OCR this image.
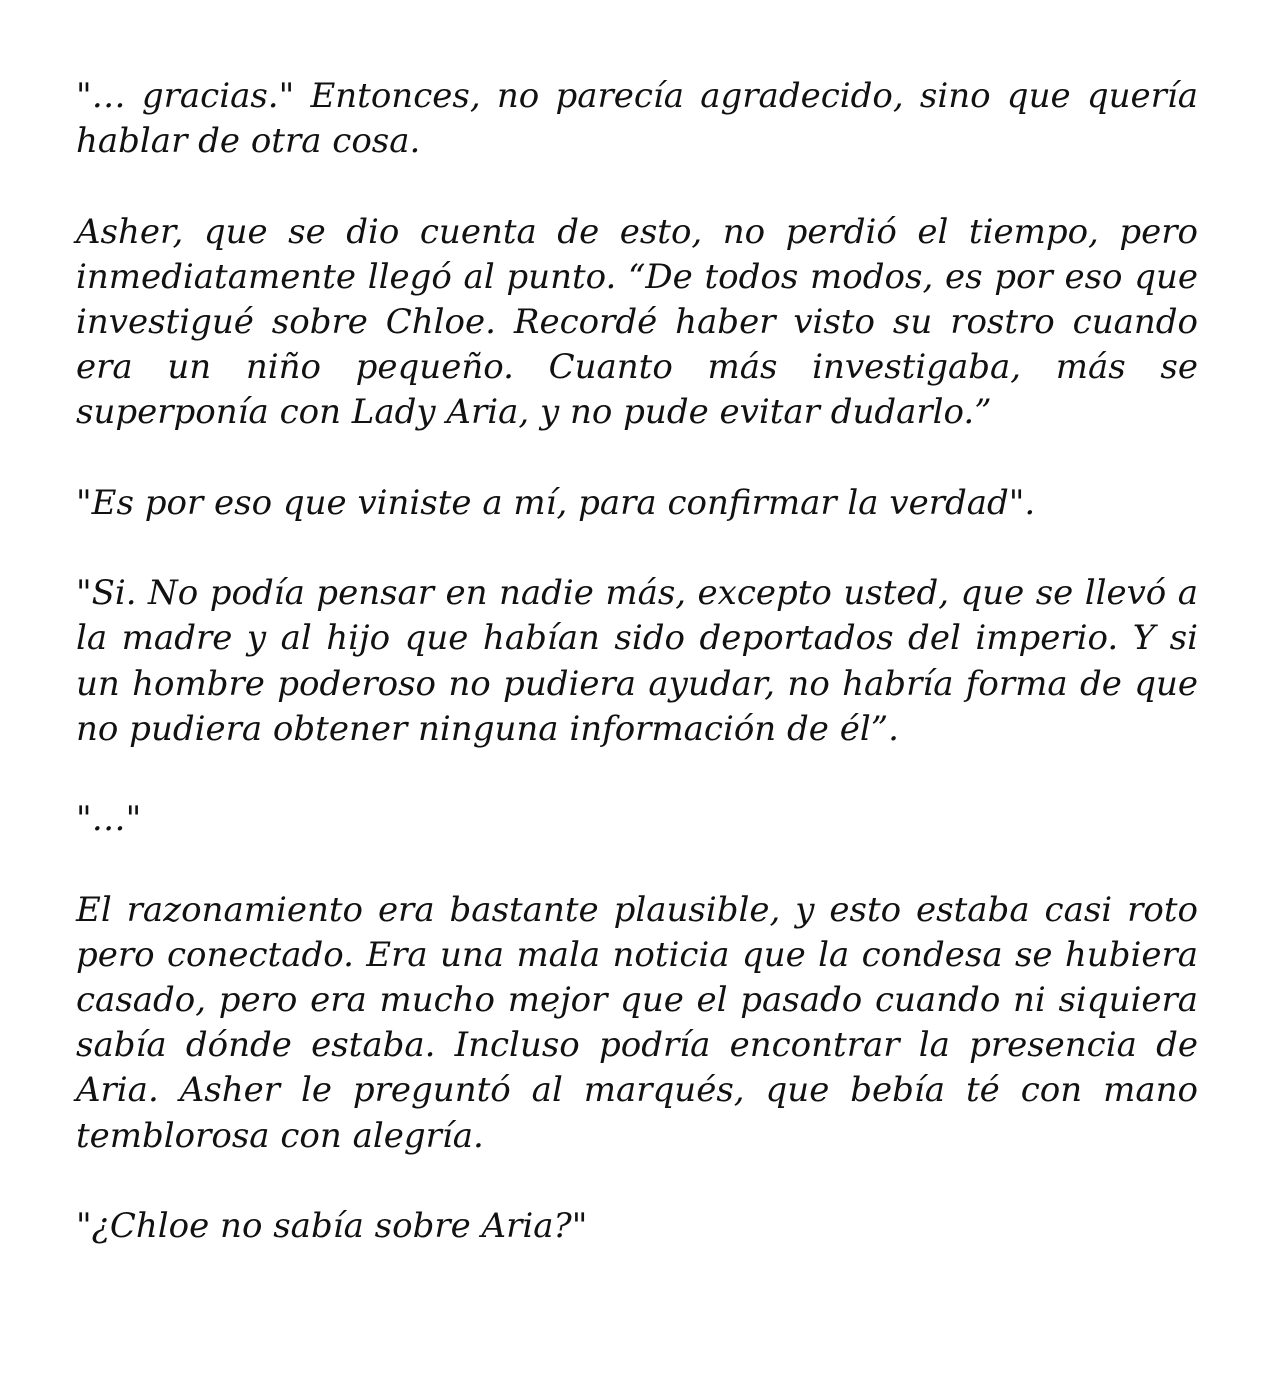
"… gracias." Entonces, no parecía agradecido, sino que quería hablar de otra cosa.

Asher, que se dio cuenta de esto, no perdió el tiempo, pero inmediatamente llegó al punto. “De todos modos, es por eso que investigué sobre Chloe. Recordé haber visto su rostro cuando era un niño pequeño. Cuanto más investigaba, más se superponía con Lady Aria, y no pude evitar dudarlo.”

"Es por eso que viniste a mí, para confirmar la verdad".

"Si. No podía pensar en nadie más, excepto usted, que se llevó a la madre y al hijo que habían sido deportados del imperio. Y si un hombre poderoso no pudiera ayudar, no habría forma de que no pudiera obtener ninguna información de él”.

"…"

El razonamiento era bastante plausible, y esto estaba casi roto pero conectado. Era una mala noticia que la condesa se hubiera casado, pero era mucho mejor que el pasado cuando ni siquiera sabía dónde estaba. Incluso podría encontrar la presencia de Aria. Asher le preguntó al marqués, que bebía té con mano temblorosa con alegría.

"¿Chloe no sabía sobre Aria?"
